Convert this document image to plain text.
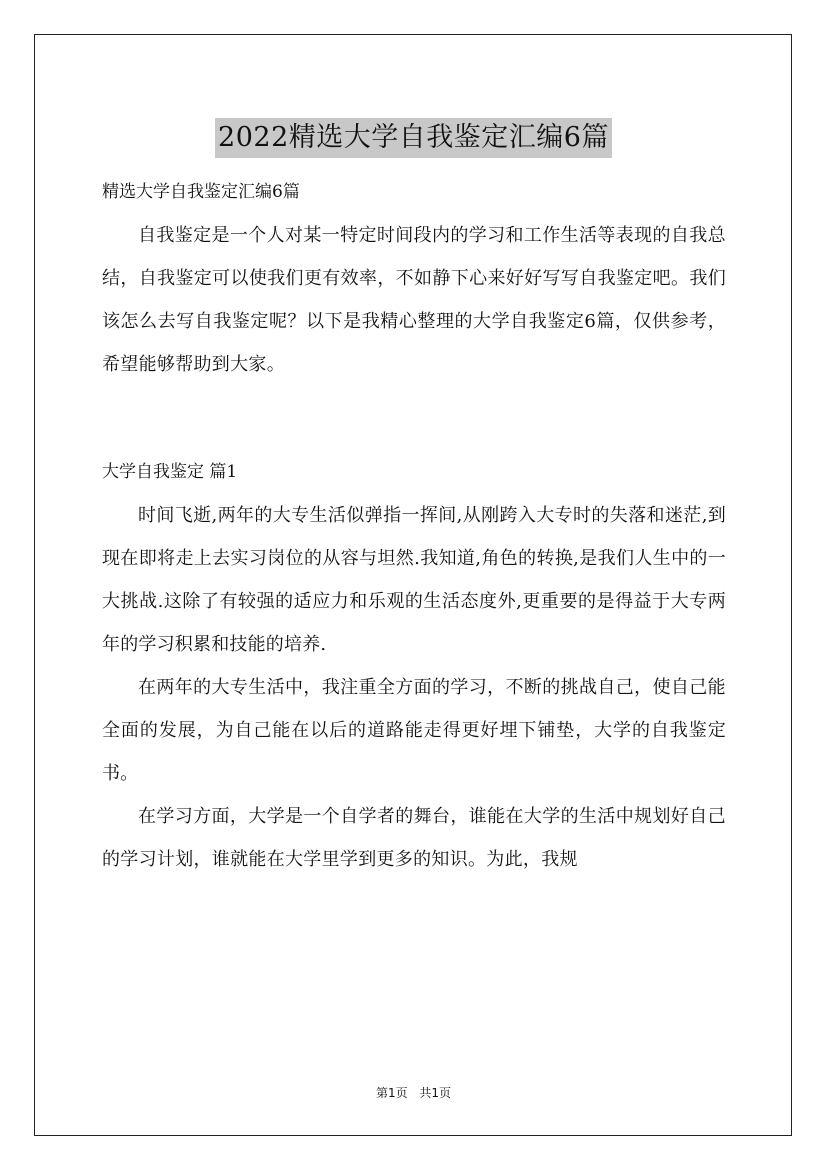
2022精选大学自我鉴定汇编6篇

精选大学自我鉴定汇编6篇

自我鉴定是一个人对某一特定时间段内的学习和工作生活等表现的自我总结，自我鉴定可以使我们更有效率，不如静下心来好好写写自我鉴定吧。我们该怎么去写自我鉴定呢？以下是我精心整理的大学自我鉴定6篇，仅供参考，希望能够帮助到大家。

大学自我鉴定 篇1

时间飞逝,两年的大专生活似弹指一挥间,从刚跨入大专时的失落和迷茫,到现在即将走上去实习岗位的从容与坦然.我知道,角色的转换,是我们人生中的一大挑战.这除了有较强的适应力和乐观的生活态度外,更重要的是得益于大专两年的学习积累和技能的培养.

在两年的大专生活中，我注重全方面的学习，不断的挑战自己，使自己能全面的发展，为自己能在以后的道路能走得更好埋下铺垫，大学的自我鉴定书。

在学习方面，大学是一个自学者的舞台，谁能在大学的生活中规划好自己的学习计划，谁就能在大学里学到更多的知识。为此，我规

第1页 共1页
